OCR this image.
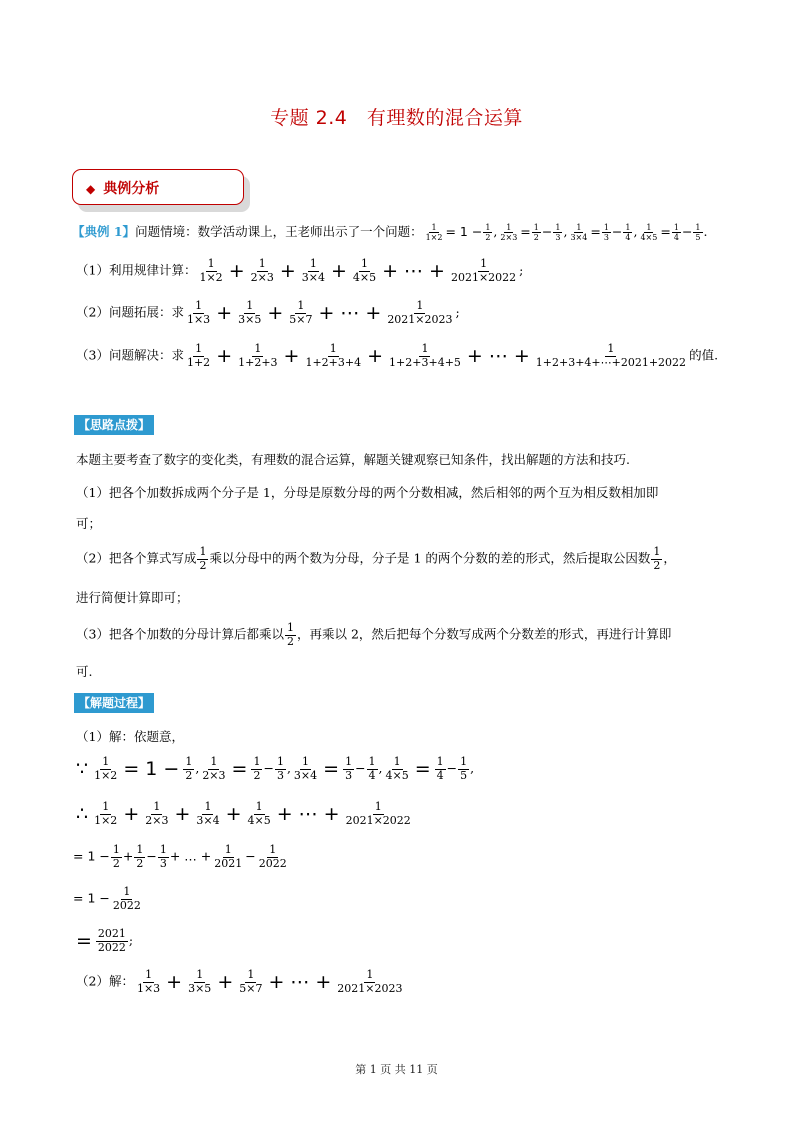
专题 2.4　有理数的混合运算
◆ 典例分析
【典例 1】问题情境：数学活动课上，王老师出示了一个问题： $\frac{1}{1\times 2} = 1 - \frac{1}{2}$ , $\frac{1}{2\times 3} = \frac{1}{2} - \frac{1}{3}$ , $\frac{1}{3\times 4} = \frac{1}{3} - \frac{1}{4}$ , $\frac{1}{4\times 5} = \frac{1}{4} - \frac{1}{5}$ .
（1）利用规律计算： $\frac{1}{1\times 2} + \frac{1}{2\times 3} + \frac{1}{3\times 4} + \frac{1}{4\times 5}$ + ⋯ + $\frac{1}{2021\times 2022}$ ;
（2）问题拓展：求 $\frac{1}{1\times 3} + \frac{1}{3\times 5} + \frac{1}{5\times 7}$ + ⋯ + $\frac{1}{2021\times 2023}$ ;
（3）问题解决：求 $\frac{1}{1+2} + \frac{1}{1+2+3} + \frac{1}{1+2+3+4} + \frac{1}{1+2+3+4+5}$ + ⋯ + $\frac{1}{1+2+3+4+\cdots+2021+2022}$ 的值.
【思路点拨】
本题主要考查了数字的变化类，有理数的混合运算，解题关键观察已知条件，找出解题的方法和技巧.
（1）把各个加数拆成两个分子是 1，分母是原数分母的两个分数相减，然后相邻的两个互为相反数相加即
可；
（2）把各个算式写成 $\frac{1}{2}$ 乘以分母中的两个数为分母，分子是 1 的两个分数的差的形式，然后提取公因数 $\frac{1}{2}$ ，
进行简便计算即可；
（3）把各个加数的分母计算后都乘以 $\frac{1}{2}$ ，再乘以 2，然后把每个分数写成两个分数差的形式，再进行计算即
可.
【解题过程】
（1）解：依题意，
∵ $\frac{1}{1\times 2} = 1 - \frac{1}{2}$ , $\frac{1}{2\times 3} = \frac{1}{2} - \frac{1}{3}$ , $\frac{1}{3\times 4} = \frac{1}{3} - \frac{1}{4}$ , $\frac{1}{4\times 5} = \frac{1}{4} - \frac{1}{5}$ ,
∴ $\frac{1}{1\times 2} + \frac{1}{2\times 3} + \frac{1}{3\times 4} + \frac{1}{4\times 5}$ + ⋯ + $\frac{1}{2021\times 2022}$
= $1 - \frac{1}{2} + \frac{1}{2} - \frac{1}{3}$ + … + $\frac{1}{2021} - \frac{1}{2022}$
= $1 - \frac{1}{2022}$
= $\frac{2021}{2022}$ ;
（2）解： $\frac{1}{1\times 3} + \frac{1}{3\times 5} + \frac{1}{5\times 7}$ + ⋯ + $\frac{1}{2021\times 2023}$
第 1 页 共 11 页
